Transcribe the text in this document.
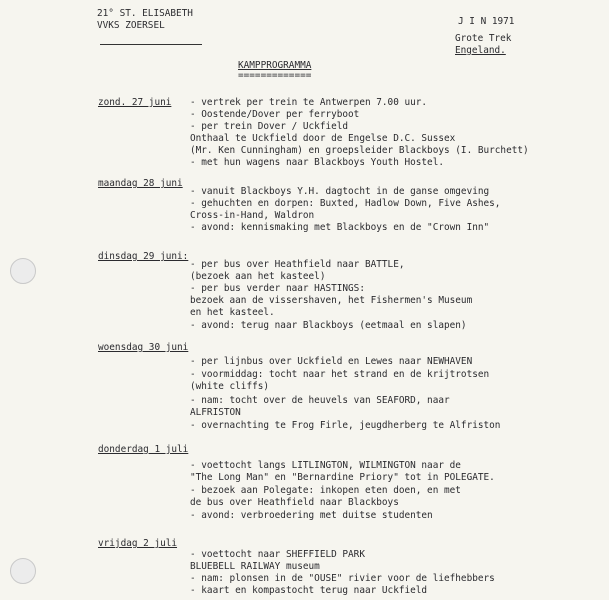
21° ST. ELISABETH
VVKS ZOERSEL	J I N 1971
Grote Trek
Engeland.
KAMPPROGRAMMA
=============
zond. 27 juni - vertrek per trein te Antwerpen 7.00 uur.
- Oostende/Dover per ferryboot
- per trein Dover / Uckfield
Onthaal te Uckfield door de Engelse D.C. Sussex
(Mr. Ken Cunningham) en groepsleider Blackboys (I. Burchett)
- met hun wagens naar Blackboys Youth Hostel.
maandag 28 juni
- vanuit Blackboys Y.H. dagtocht in de ganse omgeving
- gehuchten en dorpen: Buxted, Hadlow Down, Five Ashes,
Cross-in-Hand, Waldron
- avond: kennismaking met Blackboys en de "Crown Inn"
dinsdag 29 juni:
- per bus over Heathfield naar BATTLE,
(bezoek aan het kasteel)
- per bus verder naar HASTINGS:
bezoek aan de vissershaven, het Fishermen's Museum
en het kasteel.
- avond: terug naar Blackboys (eetmaal en slapen)
woensdag 30 juni
- per lijnbus over Uckfield en Lewes naar NEWHAVEN
- voormiddag: tocht naar het strand en de krijtrotsen
(white cliffs)
- nam: tocht over de heuvels van SEAFORD, naar
ALFRISTON
- overnachting te Frog Firle, jeugdherberg te Alfriston
donderdag 1 juli
- voettocht langs LITLINGTON, WILMINGTON naar de
"The Long Man" en "Bernardine Priory" tot in POLEGATE.
- bezoek aan Polegate: inkopen eten doen, en met
de bus over Heathfield naar Blackboys
- avond: verbroedering met duitse studenten
vrijdag 2 juli
- voettocht naar SHEFFIELD PARK
BLUEBELL RAILWAY museum
- nam: plonsen in de "OUSE" rivier voor de liefhebbers
- kaart en kompastocht terug naar Uckfield
